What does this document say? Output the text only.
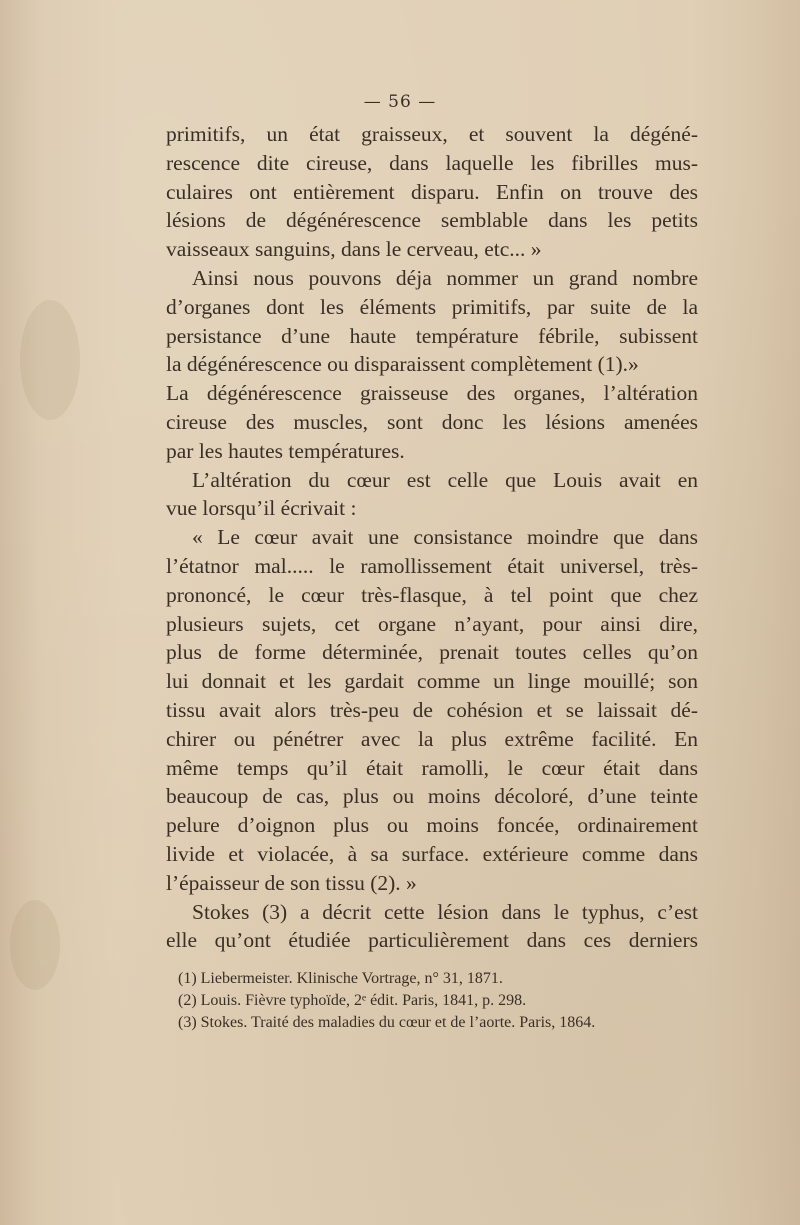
— 56 —
primitifs, un état graisseux, et souvent la dégéné-
rescence dite cireuse, dans laquelle les fibrilles mus-
culaires ont entièrement disparu. Enfin on trouve des
lésions de dégénérescence semblable dans les petits
vaisseaux sanguins, dans le cerveau, etc... »
Ainsi nous pouvons déja nommer un grand nombre
d’organes dont les éléments primitifs, par suite de la
persistance d’une haute température fébrile, subissent
la dégénérescence ou disparaissent complètement (1).»
La dégénérescence graisseuse des organes, l’altération
cireuse des muscles, sont donc les lésions amenées
par les hautes températures.
L’altération du cœur est celle que Louis avait en
vue lorsqu’il écrivait :
« Le cœur avait une consistance moindre que dans
l’étatnor mal..... le ramollissement était universel, très-
prononcé, le cœur très-flasque, à tel point que chez
plusieurs sujets, cet organe n’ayant, pour ainsi dire,
plus de forme déterminée, prenait toutes celles qu’on
lui donnait et les gardait comme un linge mouillé; son
tissu avait alors très-peu de cohésion et se laissait dé-
chirer ou pénétrer avec la plus extrême facilité. En
même temps qu’il était ramolli, le cœur était dans
beaucoup de cas, plus ou moins décoloré, d’une teinte
pelure d’oignon plus ou moins foncée, ordinairement
livide et violacée, à sa surface. extérieure comme dans
l’épaisseur de son tissu (2). »
Stokes (3) a décrit cette lésion dans le typhus, c’est
elle qu’ont étudiée particulièrement dans ces derniers
(1) Liebermeister. Klinische Vortrage, n° 31, 1871.
(2) Louis. Fièvre typhoïde, 2ᵉ édit. Paris, 1841, p. 298.
(3) Stokes. Traité des maladies du cœur et de l’aorte. Paris, 1864.
